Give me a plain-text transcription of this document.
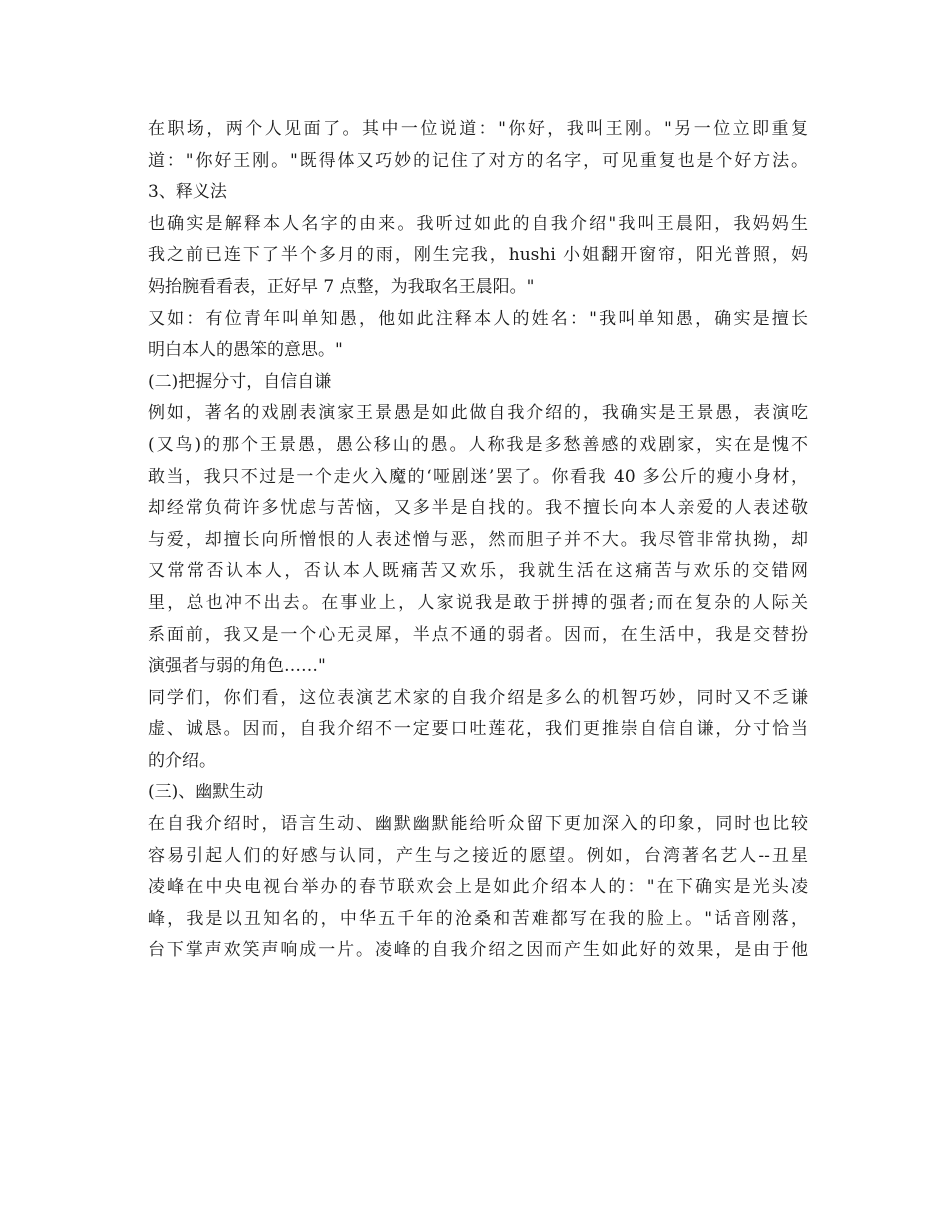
在职场，两个人见面了。其中一位说道："你好，我叫王刚。"另一位立即重复
道："你好王刚。"既得体又巧妙的记住了对方的名字，可见重复也是个好方法。
3、释义法
也确实是解释本人名字的由来。我听过如此的自我介绍"我叫王晨阳，我妈妈生
我之前已连下了半个多月的雨，刚生完我，hushi 小姐翻开窗帘，阳光普照，妈
妈抬腕看看表，正好早 7 点整，为我取名王晨阳。"
又如：有位青年叫单知愚，他如此注释本人的姓名："我叫单知愚，确实是擅长
明白本人的愚笨的意思。"
(二)把握分寸，自信自谦
例如，著名的戏剧表演家王景愚是如此做自我介绍的，我确实是王景愚，表演吃
(又鸟)的那个王景愚，愚公移山的愚。人称我是多愁善感的戏剧家，实在是愧不
敢当，我只不过是一个走火入魔的‘哑剧迷’罢了。你看我 40 多公斤的瘦小身材，
却经常负荷许多忧虑与苦恼，又多半是自找的。我不擅长向本人亲爱的人表述敬
与爱，却擅长向所憎恨的人表述憎与恶，然而胆子并不大。我尽管非常执拗，却
又常常否认本人，否认本人既痛苦又欢乐，我就生活在这痛苦与欢乐的交错网
里，总也冲不出去。在事业上，人家说我是敢于拼搏的强者;而在复杂的人际关
系面前，我又是一个心无灵犀，半点不通的弱者。因而，在生活中，我是交替扮
演强者与弱的角色……"
同学们，你们看，这位表演艺术家的自我介绍是多么的机智巧妙，同时又不乏谦
虚、诚恳。因而，自我介绍不一定要口吐莲花，我们更推崇自信自谦，分寸恰当
的介绍。
(三)、幽默生动
在自我介绍时，语言生动、幽默幽默能给听众留下更加深入的印象，同时也比较
容易引起人们的好感与认同，产生与之接近的愿望。例如，台湾著名艺人--丑星
凌峰在中央电视台举办的春节联欢会上是如此介绍本人的："在下确实是光头凌
峰，我是以丑知名的，中华五千年的沧桑和苦难都写在我的脸上。"话音刚落，
台下掌声欢笑声响成一片。凌峰的自我介绍之因而产生如此好的效果，是由于他
